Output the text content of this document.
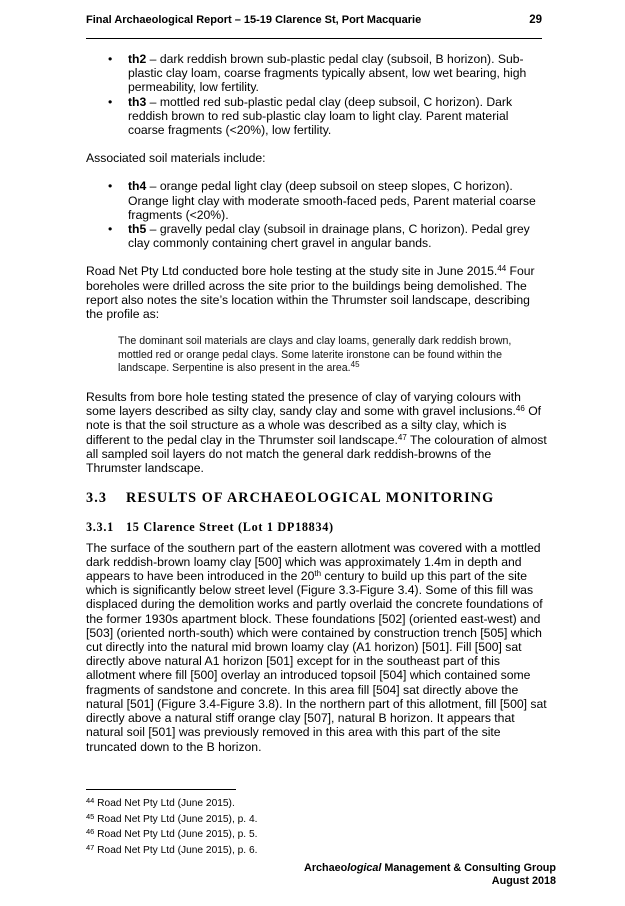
Final Archaeological Report – 15-19 Clarence St, Port Macquarie	29
• th2 – dark reddish brown sub-plastic pedal clay (subsoil, B horizon). Sub-plastic clay loam, coarse fragments typically absent, low wet bearing, high permeability, low fertility.
• th3 – mottled red sub-plastic pedal clay (deep subsoil, C horizon). Dark reddish brown to red sub-plastic clay loam to light clay. Parent material coarse fragments (<20%), low fertility.

Associated soil materials include:

• th4 – orange pedal light clay (deep subsoil on steep slopes, C horizon). Orange light clay with moderate smooth-faced peds, Parent material coarse fragments (<20%).
• th5 – gravelly pedal clay (subsoil in drainage plans, C horizon). Pedal grey clay commonly containing chert gravel in angular bands.

Road Net Pty Ltd conducted bore hole testing at the study site in June 2015.44 Four boreholes were drilled across the site prior to the buildings being demolished. The report also notes the site’s location within the Thrumster soil landscape, describing the profile as:

The dominant soil materials are clays and clay loams, generally dark reddish brown, mottled red or orange pedal clays. Some laterite ironstone can be found within the landscape. Serpentine is also present in the area.$^{45}$

Results from bore hole testing stated the presence of clay of varying colours with some layers described as silty clay, sandy clay and some with gravel inclusions.$^{46}$ Of note is that the soil structure as a whole was described as a silty clay, which is different to the pedal clay in the Thrumster soil landscape.$^{47}$ The colouration of almost all sampled soil layers do not match the general dark reddish-browns of the Thrumster landscape.

3.3 RESULTS OF ARCHAEOLOGICAL MONITORING
3.3.1 15 Clarence Street (Lot 1 DP18834)

The surface of the southern part of the eastern allotment was covered with a mottled dark reddish-brown loamy clay [500] which was approximately 1.4m in depth and appears to have been introduced in the 20th century to build up this part of the site which is significantly below street level (Figure 3.3-Figure 3.4). Some of this fill was displaced during the demolition works and partly overlaid the concrete foundations of the former 1930s apartment block. These foundations [502] (oriented east-west) and [503] (oriented north-south) which were contained by construction trench [505] which cut directly into the natural mid brown loamy clay (A1 horizon) [501]. Fill [500] sat directly above natural A1 horizon [501] except for in the southeast part of this allotment where fill [500] overlay an introduced topsoil [504] which contained some fragments of sandstone and concrete. In this area fill [504] sat directly above the natural [501] (Figure 3.4-Figure 3.8). In the northern part of this allotment, fill [500] sat directly above a natural stiff orange clay [507], natural B horizon. It appears that natural soil [501] was previously removed in this area with this part of the site truncated down to the B horizon.

$^{44}$ Road Net Pty Ltd (June 2015).
$^{45}$ Road Net Pty Ltd (June 2015), p. 4.
$^{46}$ Road Net Pty Ltd (June 2015), p. 5.
$^{47}$ Road Net Pty Ltd (June 2015), p. 6.
Archaeological Management & Consulting Group
August 2018
